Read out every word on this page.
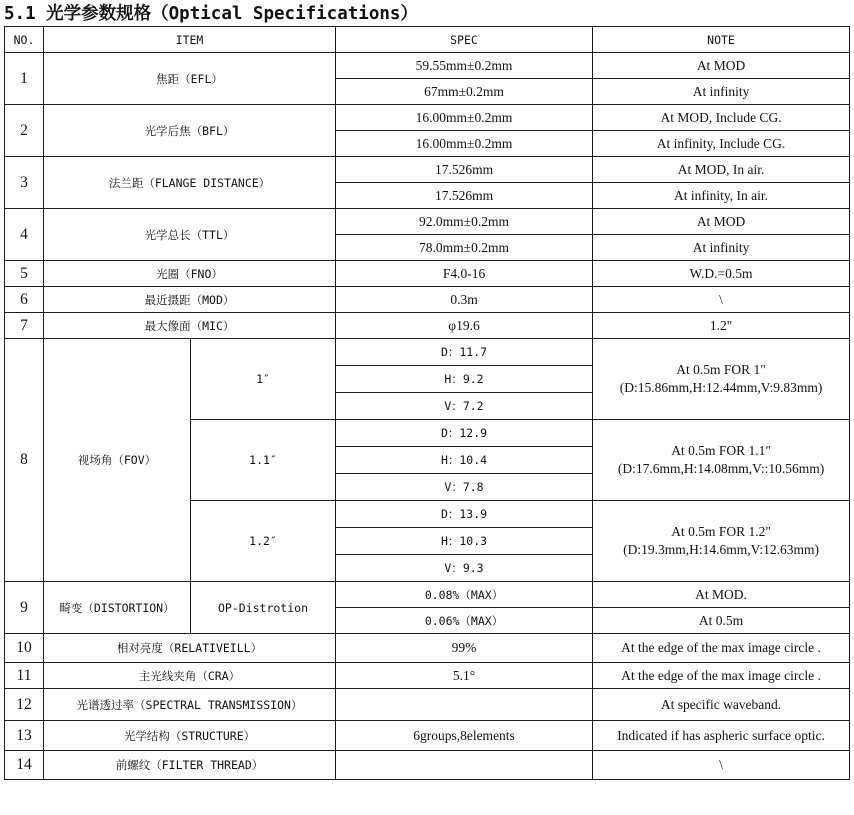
5.1 光学参数规格（Optical Specifications）
NO.	ITEM		SPEC	NOTE
1	焦距（EFL）		59.55mm±0.2mm	At MOD
			67mm±0.2mm	At infinity
2	光学后焦（BFL）		16.00mm±0.2mm	At MOD, Include CG.
			16.00mm±0.2mm	At infinity, Include CG.
3	法兰距（FLANGE DISTANCE）		17.526mm	At MOD, In air.
			17.526mm	At infinity, In air.
4	光学总长（TTL）		92.0mm±0.2mm	At MOD
			78.0mm±0.2mm	At infinity
5	光圈（FNO）		F4.0-16	W.D.=0.5m
6	最近摄距（MOD）		0.3m	\
7	最大像面（MIC）		φ19.6	1.2"
8	视场角（FOV）	1″	D：11.7	At 0.5m FOR 1"
(D:15.86mm,H:12.44mm,V:9.83mm)
			H：9.2	
			V：7.2	
		1.1″	D：12.9	At 0.5m FOR 1.1"
(D:17.6mm,H:14.08mm,V::10.56mm)
			H：10.4	
			V：7.8	
		1.2″	D：13.9	At 0.5m FOR 1.2"
(D:19.3mm,H:14.6mm,V:12.63mm)
			H：10.3	
			V：9.3	
9	畸变（DISTORTION）	OP-Distrotion	0.08%（MAX）	At MOD.
			0.06%（MAX）	At 0.5m
10	相对亮度（RELATIVEILL）		99%	At the edge of the max image circle .
11	主光线夹角（CRA）		5.1°	At the edge of the max image circle .
12	光谱透过率（SPECTRAL TRANSMISSION）			At specific waveband.
13	光学结构（STRUCTURE）		6groups,8elements	Indicated if has aspheric surface optic.
14	前螺纹（FILTER THREAD）			\
